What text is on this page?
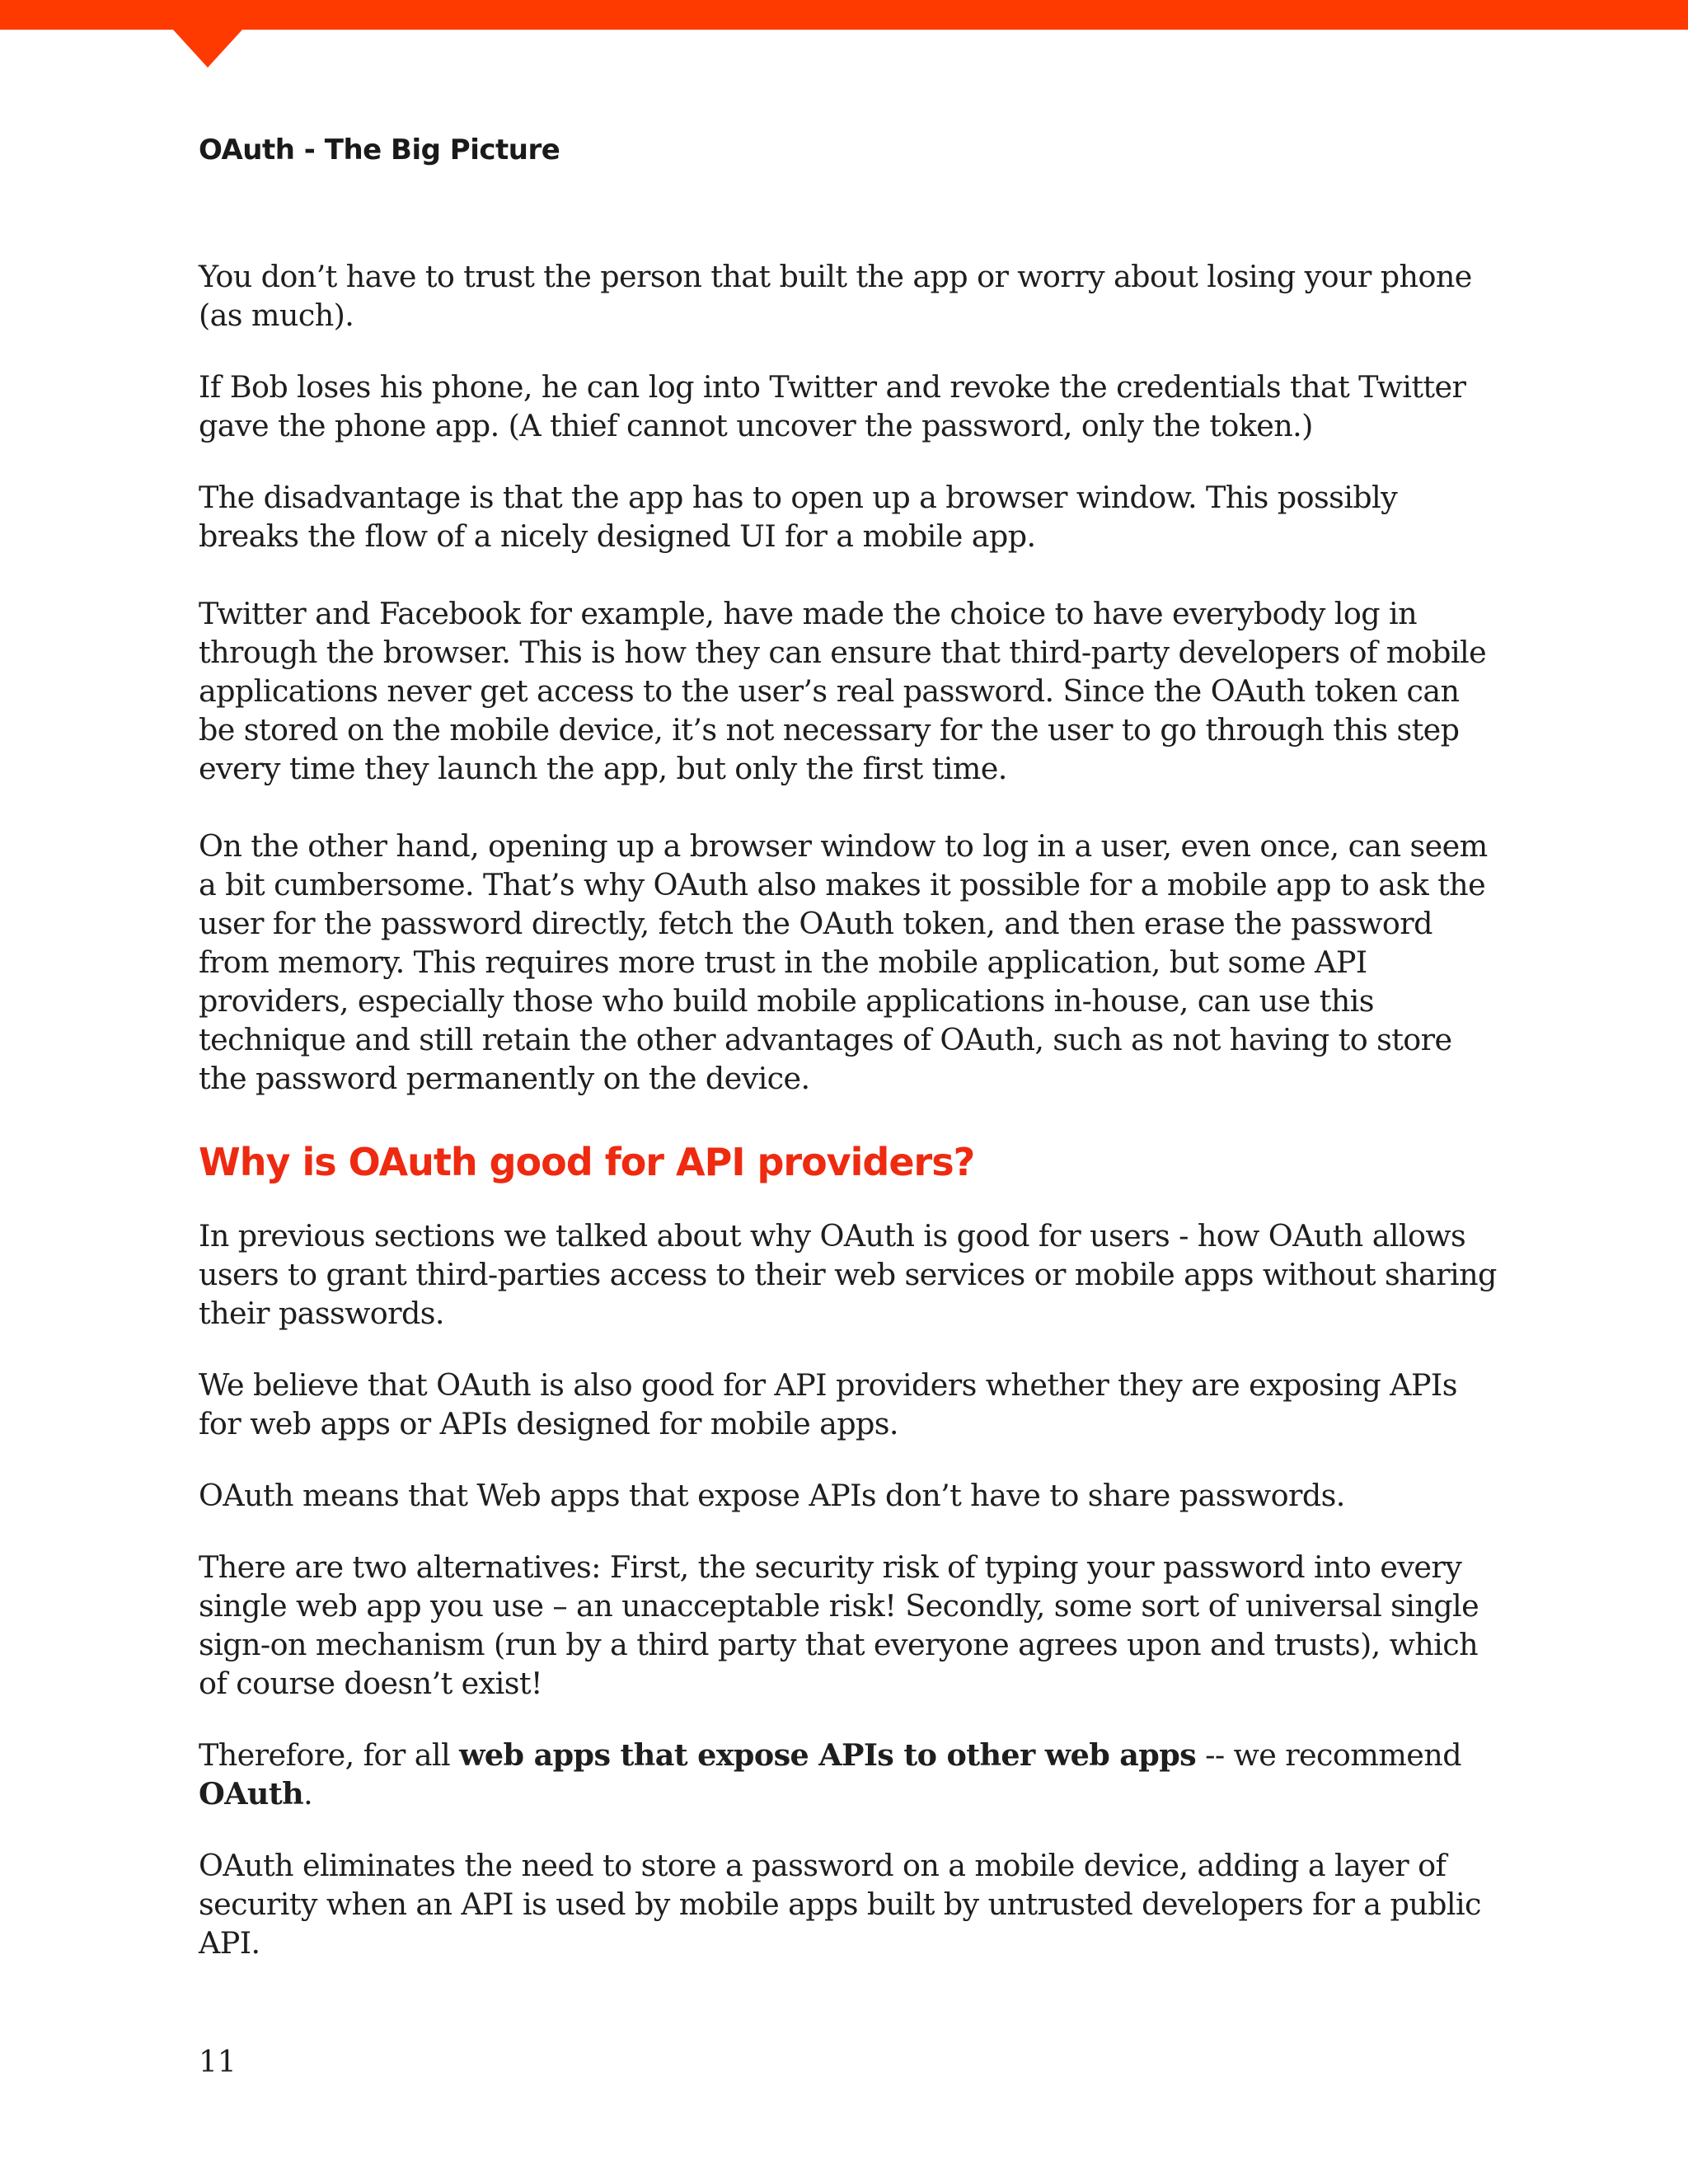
OAuth - The Big Picture

You don’t have to trust the person that built the app or worry about losing your phone (as much).

If Bob loses his phone, he can log into Twitter and revoke the credentials that Twitter gave the phone app. (A thief cannot uncover the password, only the token.)

The disadvantage is that the app has to open up a browser window. This possibly breaks the flow of a nicely designed UI for a mobile app.

Twitter and Facebook for example, have made the choice to have everybody log in through the browser. This is how they can ensure that third-party developers of mobile applications never get access to the user’s real password. Since the OAuth token can be stored on the mobile device, it’s not necessary for the user to go through this step every time they launch the app, but only the first time.

On the other hand, opening up a browser window to log in a user, even once, can seem a bit cumbersome. That’s why OAuth also makes it possible for a mobile app to ask the user for the password directly, fetch the OAuth token, and then erase the password from memory. This requires more trust in the mobile application, but some API providers, especially those who build mobile applications in-house, can use this technique and still retain the other advantages of OAuth, such as not having to store the password permanently on the device.

Why is OAuth good for API providers?

In previous sections we talked about why OAuth is good for users - how OAuth allows users to grant third-parties access to their web services or mobile apps without sharing their passwords.

We believe that OAuth is also good for API providers whether they are exposing APIs for web apps or APIs designed for mobile apps.

OAuth means that Web apps that expose APIs don’t have to share passwords.

There are two alternatives: First, the security risk of typing your password into every single web app you use – an unacceptable risk! Secondly, some sort of universal single sign-on mechanism (run by a third party that everyone agrees upon and trusts), which of course doesn’t exist!

Therefore, for all web apps that expose APIs to other web apps -- we recommend OAuth.

OAuth eliminates the need to store a password on a mobile device, adding a layer of security when an API is used by mobile apps built by untrusted developers for a public API.

11
